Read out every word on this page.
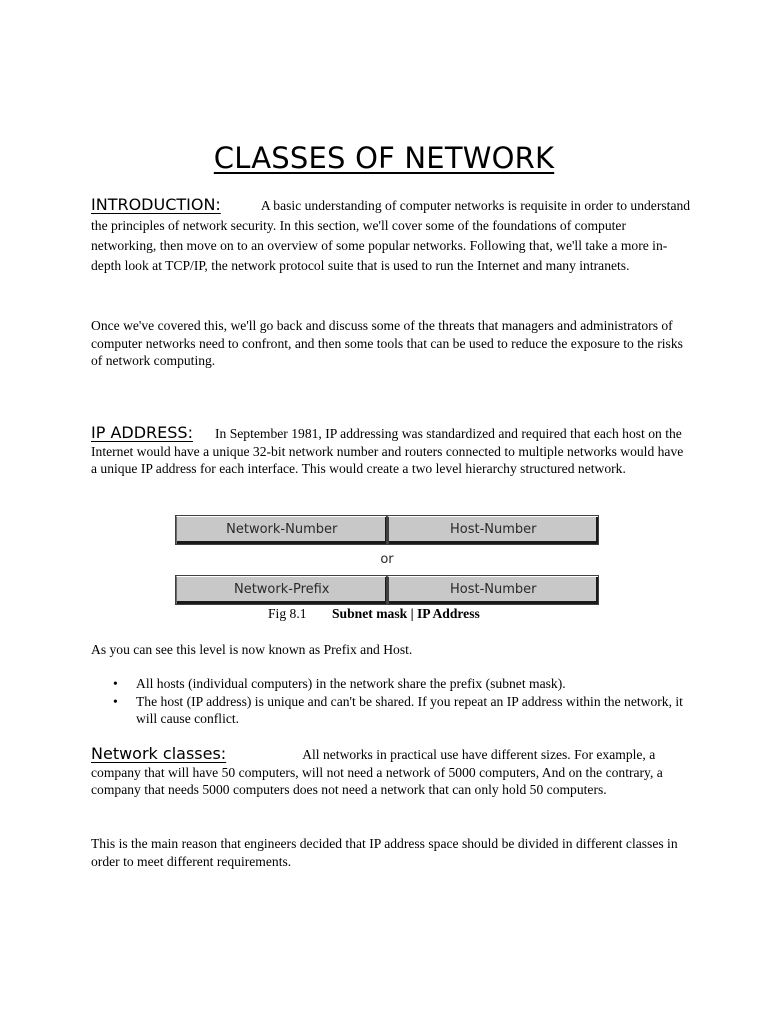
CLASSES OF NETWORK

INTRODUCTION:	A basic understanding of computer networks is requisite in order to understand the principles of network security. In this section, we'll cover some of the foundations of computer networking, then move on to an overview of some popular networks. Following that, we'll take a more in-depth look at TCP/IP, the network protocol suite that is used to run the Internet and many intranets.

Once we've covered this, we'll go back and discuss some of the threats that managers and administrators of computer networks need to confront, and then some tools that can be used to reduce the exposure to the risks of network computing.

IP ADDRESS: In September 1981, IP addressing was standardized and required that each host on the Internet would have a unique 32-bit network number and routers connected to multiple networks would have a unique IP address for each interface. This would create a two level hierarchy structured network.

Network-Number	Host-Number
or
Network-Prefix	Host-Number
Fig 8.1 Subnet mask | IP Address

As you can see this level is now known as Prefix and Host.

• All hosts (individual computers) in the network share the prefix (subnet mask).
• The host (IP address) is unique and can't be shared. If you repeat an IP address within the network, it will cause conflict.

Network classes:	All networks in practical use have different sizes. For example, a company that will have 50 computers, will not need a network of 5000 computers, And on the contrary, a company that needs 5000 computers does not need a network that can only hold 50 computers.

This is the main reason that engineers decided that IP address space should be divided in different classes in order to meet different requirements.
